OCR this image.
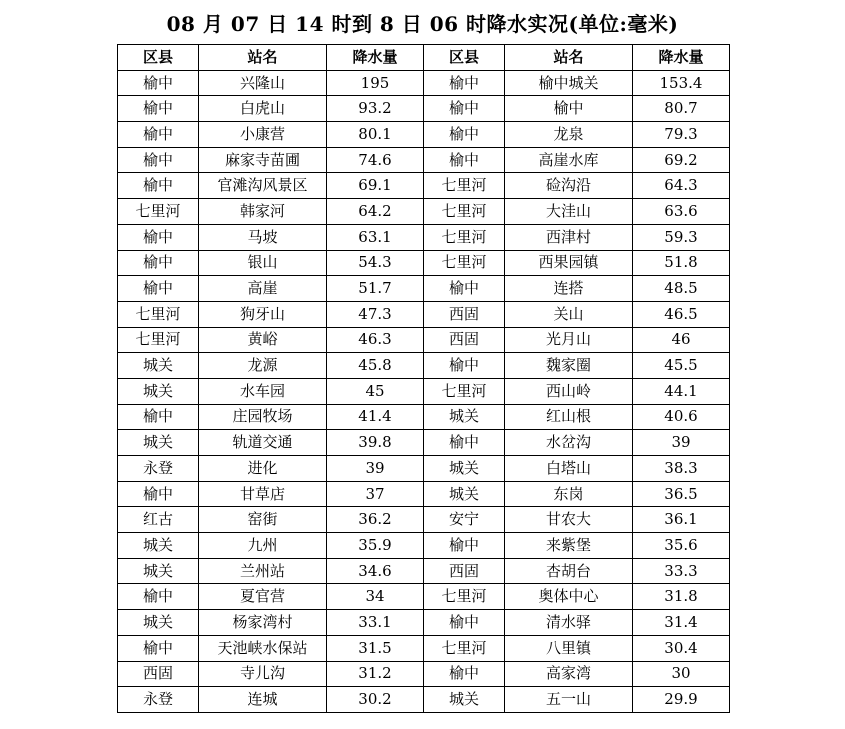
08 月 07 日 14 时到 8 日 06 时降水实况(单位:毫米)
区县	站名	降水量	区县	站名	降水量
榆中	兴隆山	195	榆中	榆中城关	153.4
榆中	白虎山	93.2	榆中	榆中	80.7
榆中	小康营	80.1	榆中	龙泉	79.3
榆中	麻家寺苗圃	74.6	榆中	高崖水库	69.2
榆中	官滩沟风景区	69.1	七里河	硷沟沿	64.3
七里河	韩家河	64.2	七里河	大洼山	63.6
榆中	马坡	63.1	七里河	西津村	59.3
榆中	银山	54.3	七里河	西果园镇	51.8
榆中	高崖	51.7	榆中	连搭	48.5
七里河	狗牙山	47.3	西固	关山	46.5
七里河	黄峪	46.3	西固	光月山	46
城关	龙源	45.8	榆中	魏家圈	45.5
城关	水车园	45	七里河	西山岭	44.1
榆中	庄园牧场	41.4	城关	红山根	40.6
城关	轨道交通	39.8	榆中	水岔沟	39
永登	进化	39	城关	白塔山	38.3
榆中	甘草店	37	城关	东岗	36.5
红古	窑街	36.2	安宁	甘农大	36.1
城关	九州	35.9	榆中	来紫堡	35.6
城关	兰州站	34.6	西固	杏胡台	33.3
榆中	夏官营	34	七里河	奥体中心	31.8
城关	杨家湾村	33.1	榆中	清水驿	31.4
榆中	天池峡水保站	31.5	七里河	八里镇	30.4
西固	寺儿沟	31.2	榆中	高家湾	30
永登	连城	30.2	城关	五一山	29.9
